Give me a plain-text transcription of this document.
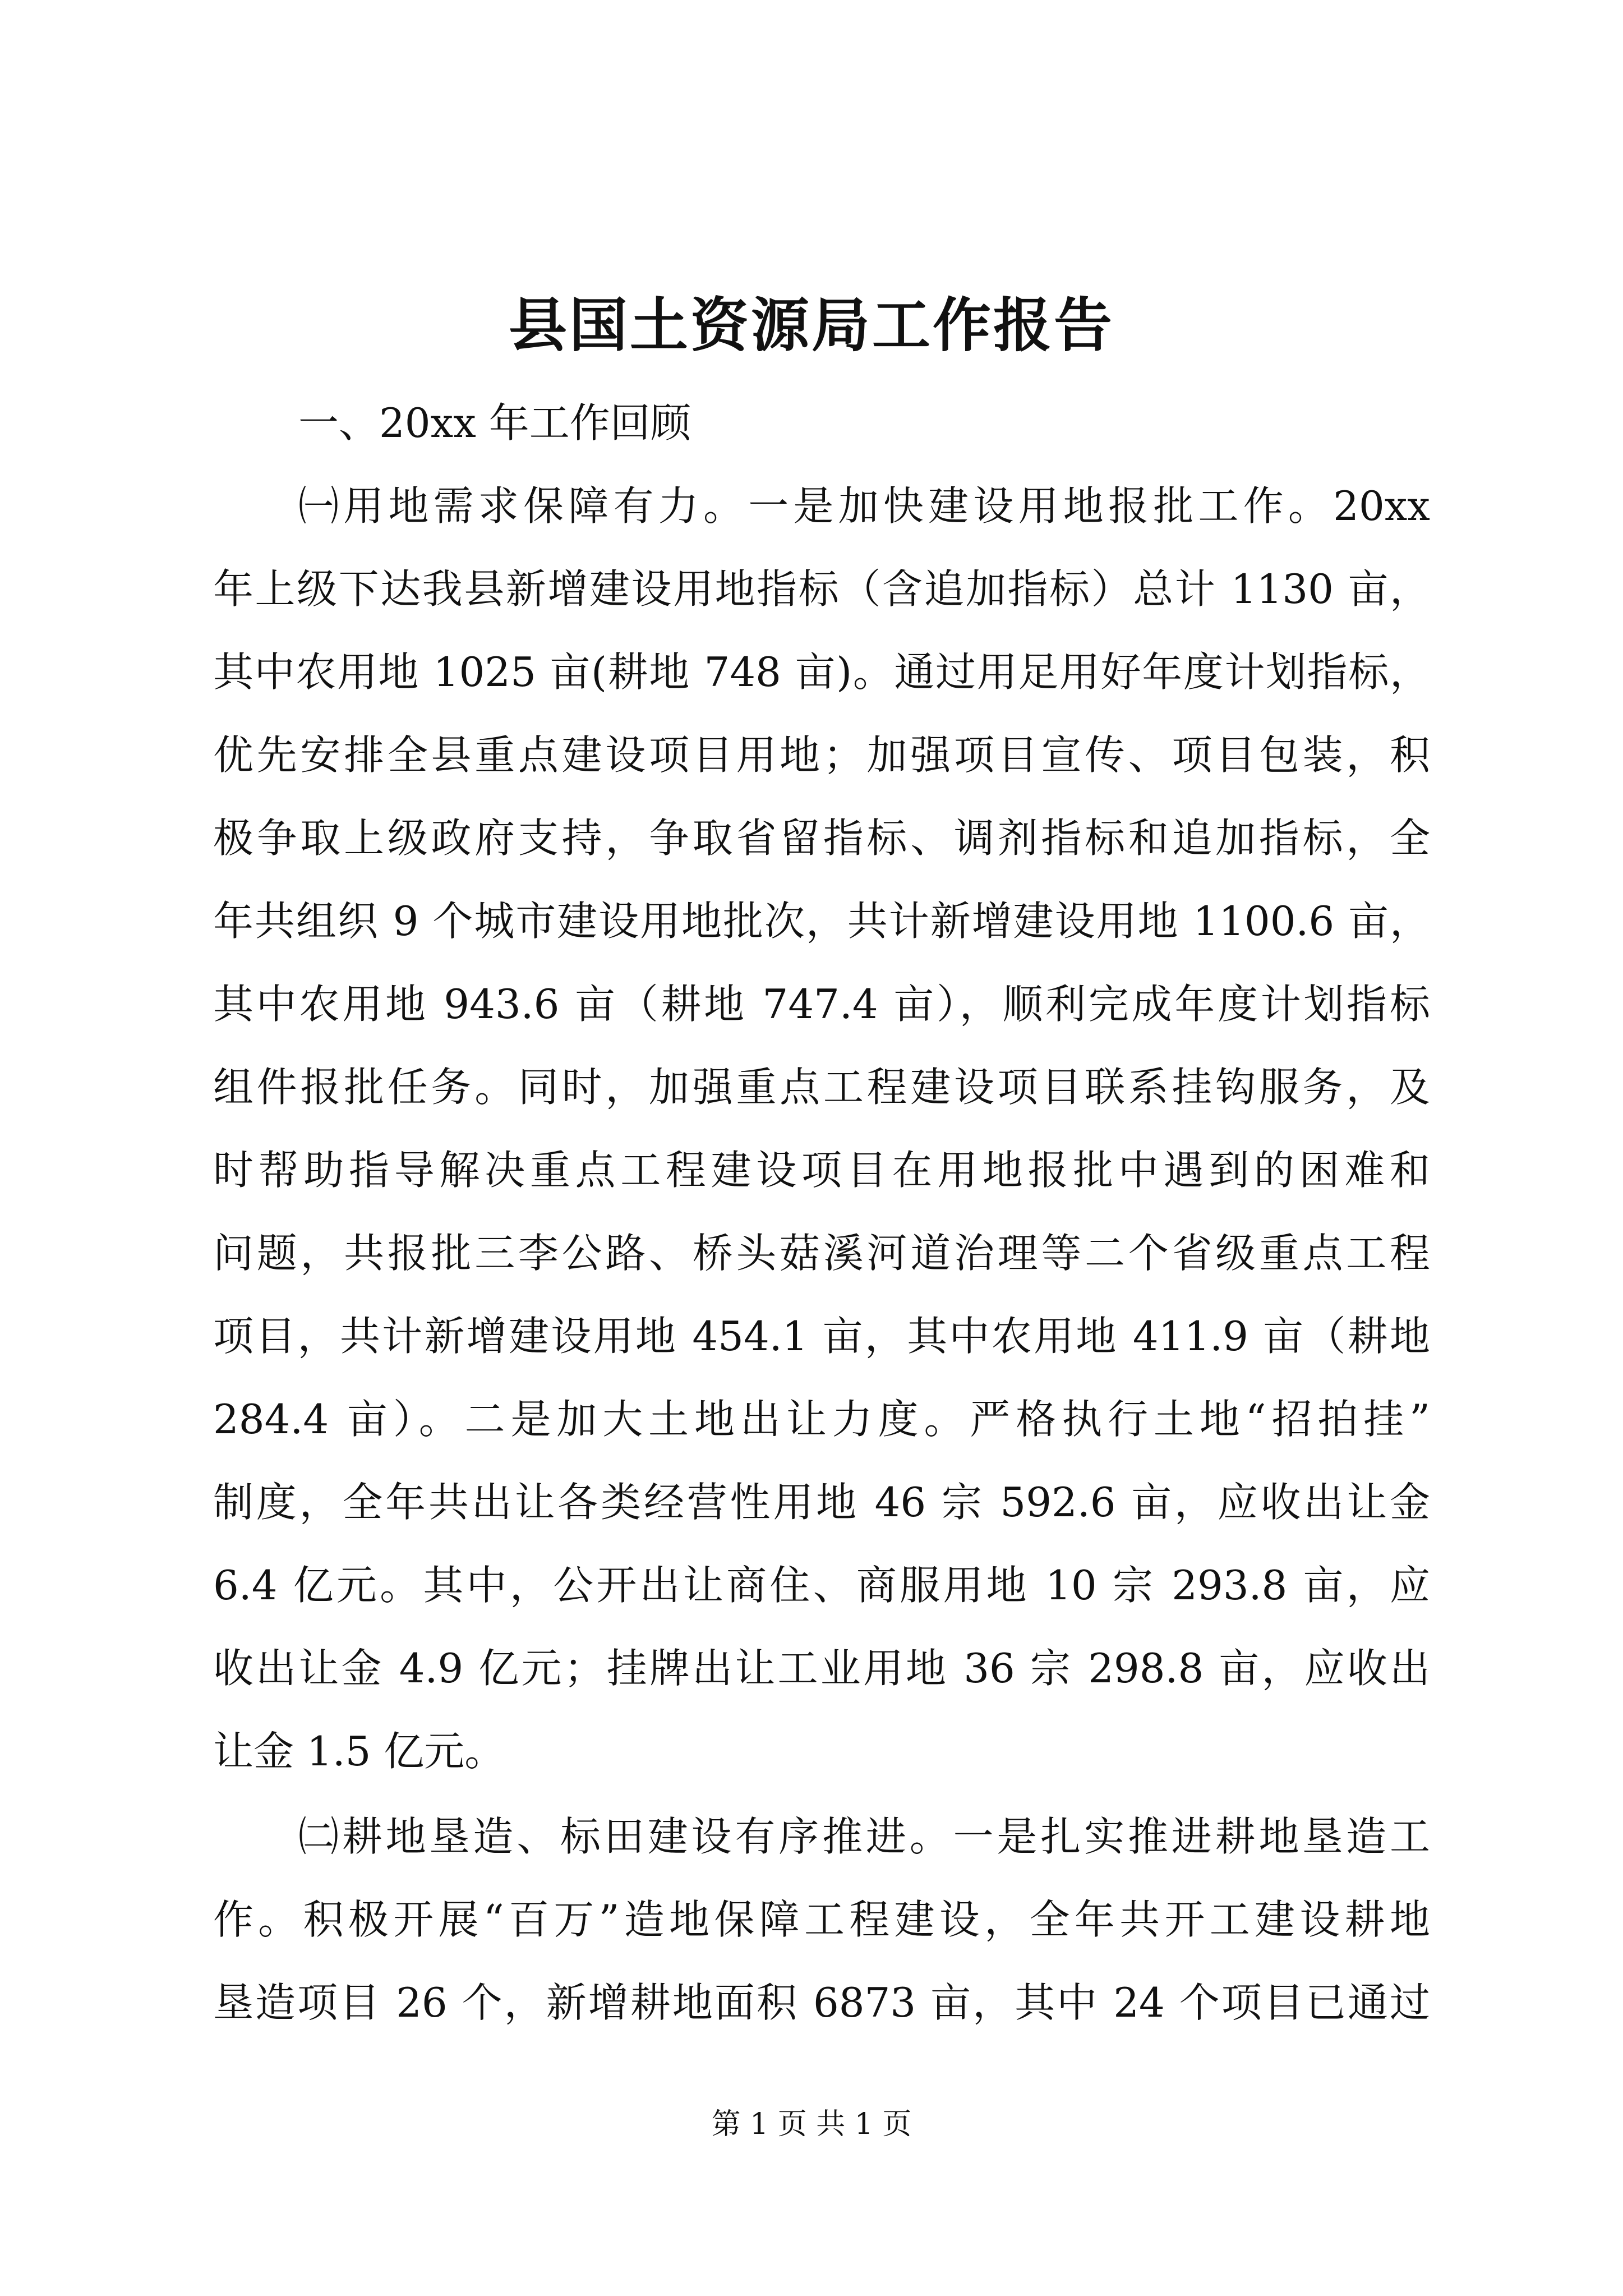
县国土资源局工作报告
一、20xx 年工作回顾
㈠用地需求保障有力。一是加快建设用地报批工作。20xx
年上级下达我县新增建设用地指标（含追加指标）总计 1130 亩，
其中农用地 1025 亩(耕地 748 亩)。通过用足用好年度计划指标，
优先安排全县重点建设项目用地；加强项目宣传、项目包装，积
极争取上级政府支持，争取省留指标、调剂指标和追加指标，全
年共组织 9 个城市建设用地批次，共计新增建设用地 1100.6 亩，
其中农用地 943.6 亩（耕地 747.4 亩），顺利完成年度计划指标
组件报批任务。同时，加强重点工程建设项目联系挂钩服务，及
时帮助指导解决重点工程建设项目在用地报批中遇到的困难和
问题，共报批三李公路、桥头菇溪河道治理等二个省级重点工程
项目，共计新增建设用地 454.1 亩，其中农用地 411.9 亩（耕地
284.4 亩）。二是加大土地出让力度。严格执行土地“招拍挂”
制度，全年共出让各类经营性用地 46 宗 592.6 亩，应收出让金
6.4 亿元。其中，公开出让商住、商服用地 10 宗 293.8 亩，应
收出让金 4.9 亿元；挂牌出让工业用地 36 宗 298.8 亩，应收出
让金 1.5 亿元。
㈡耕地垦造、标田建设有序推进。一是扎实推进耕地垦造工
作。积极开展“百万”造地保障工程建设，全年共开工建设耕地
垦造项目 26 个，新增耕地面积 6873 亩，其中 24 个项目已通过
第 1 页 共 1 页
